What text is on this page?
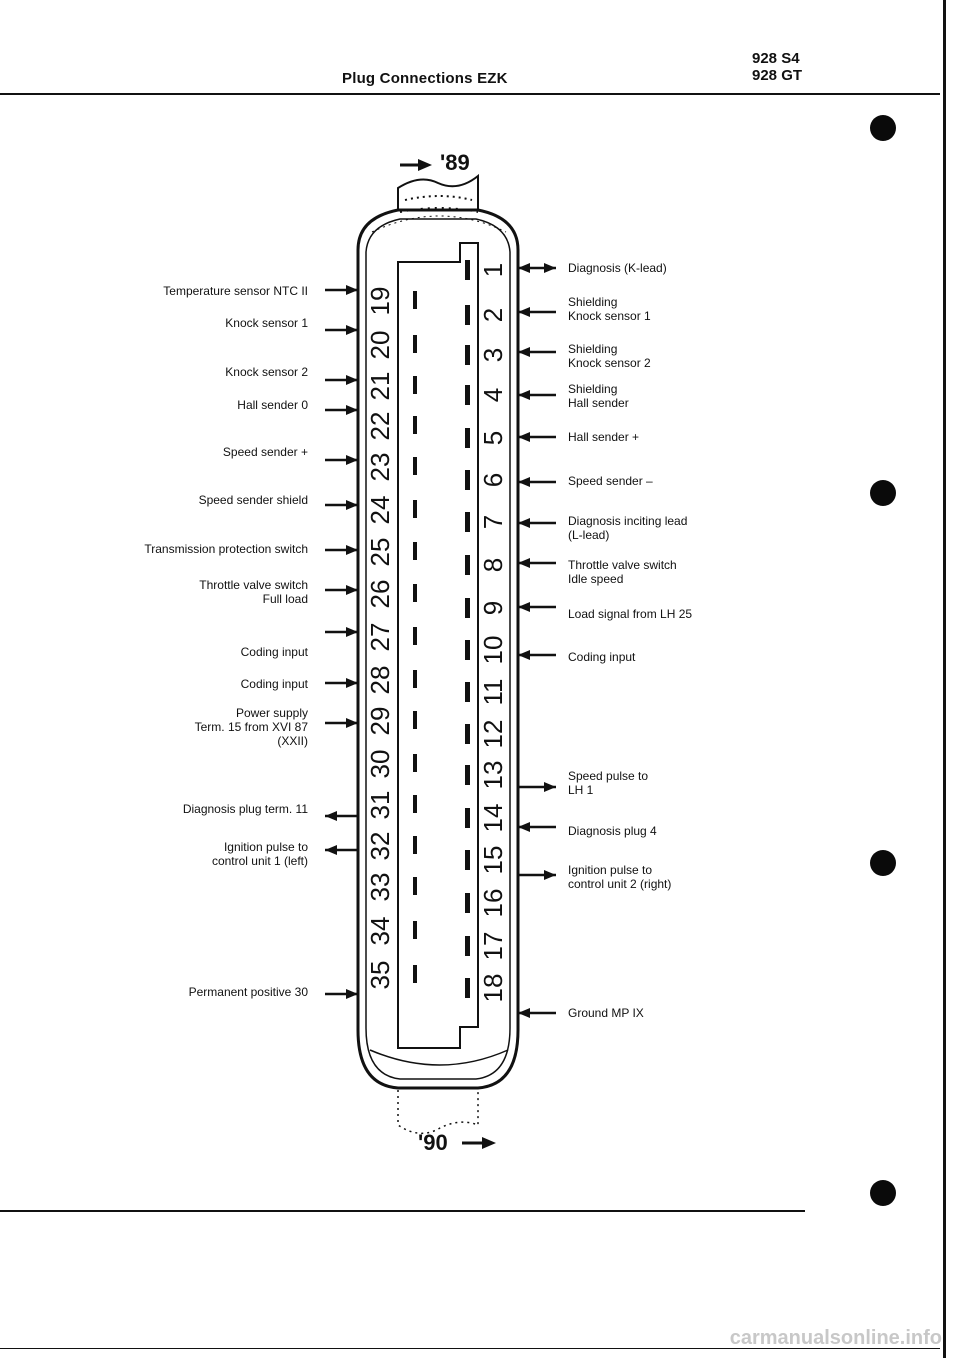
Plug Connections EZK
928 S4
928 GT
19
20
21
22
23
24
25
26
27
28
29
30
31
32
33
34
35
1
2
3
4
5
6
7
8
9
10
11
12
13
14
15
16
17
18
'89
'90
Temperature sensor NTC II
Knock sensor 1
Knock sensor 2
Hall sender 0
Speed sender +
Speed sender shield
Transmission protection switch
Throttle valve switch
Full load
Coding input
Coding input
Power supply
Term. 15 from XVI 87
(XXII)
Diagnosis plug term. 11
Ignition pulse to
control unit 1 (left)
Permanent positive 30
Diagnosis (K-lead)
Shielding
Knock sensor 1
Shielding
Knock sensor 2
Shielding
Hall sender
Hall sender +
Speed sender –
Diagnosis inciting lead
(L-lead)
Throttle valve switch
Idle speed
Load signal from LH 25
Coding input
Speed pulse to
LH 1
Diagnosis plug 4
Ignition pulse to
control unit 2 (right)
Ground MP IX
carmanualsonline.info
